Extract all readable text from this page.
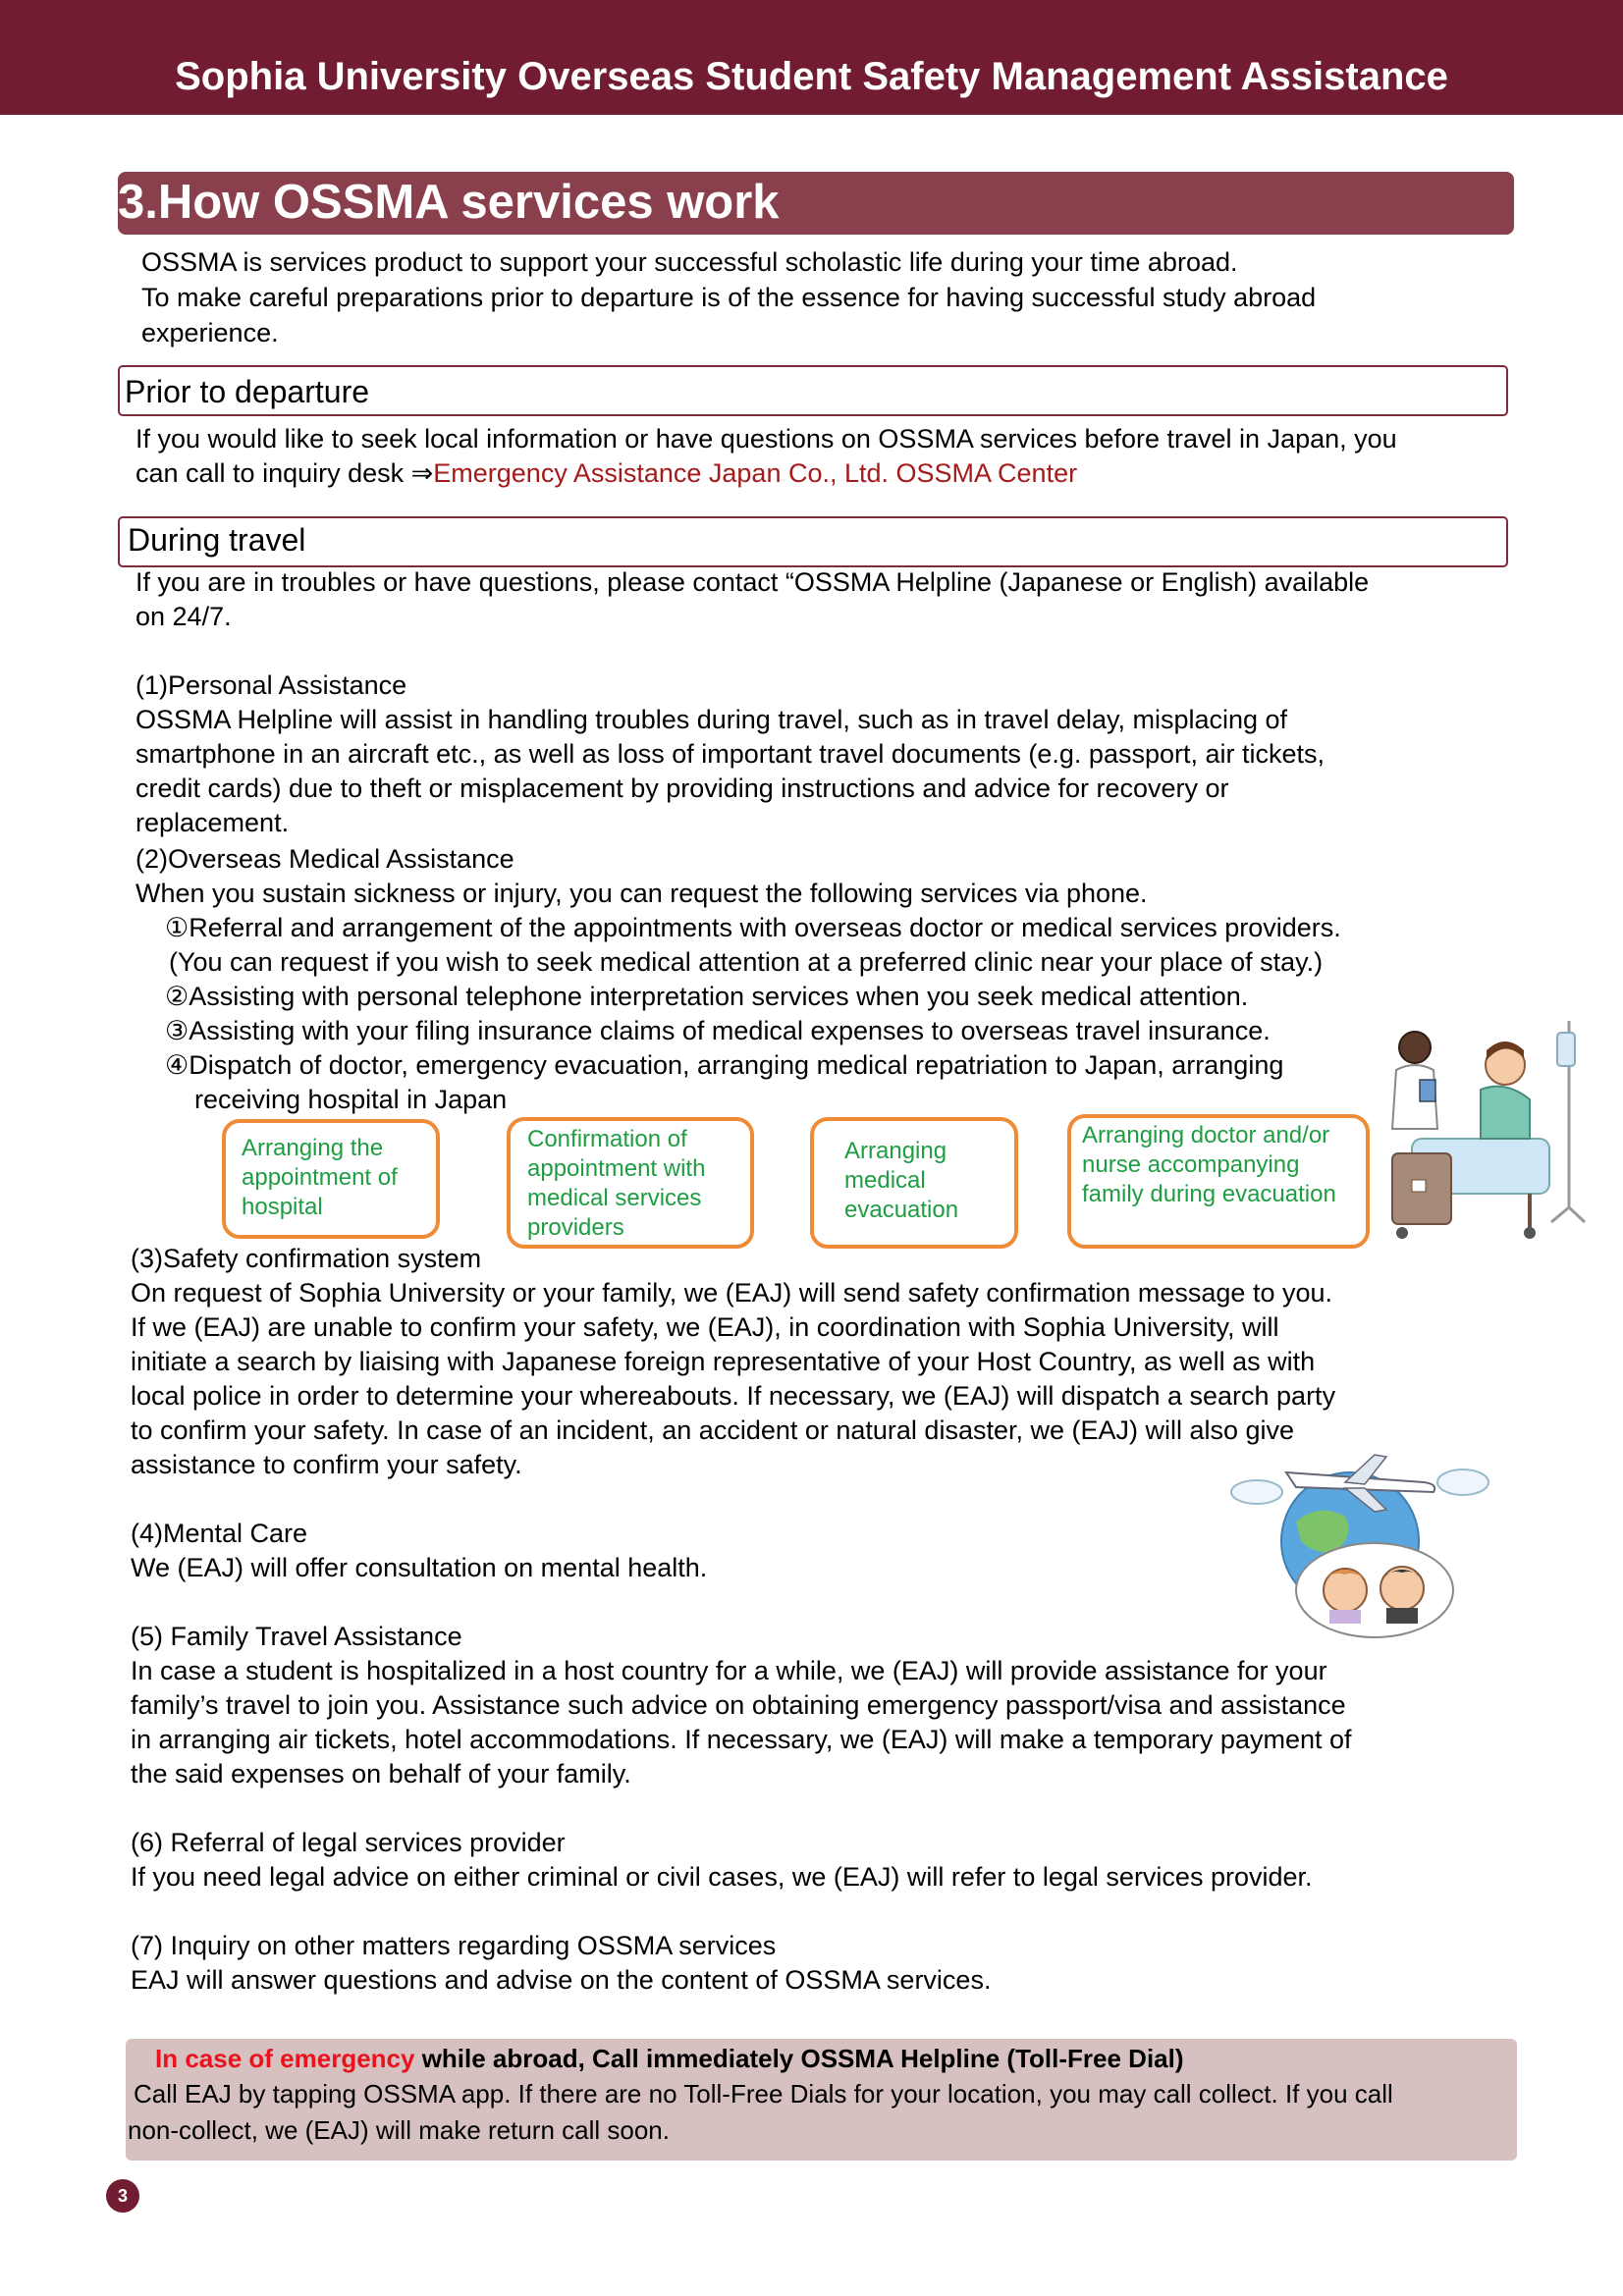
Sophia University Overseas Student Safety Management Assistance
3.How OSSMA services work
OSSMA is services product to support your successful scholastic life during your time abroad.
To make careful preparations prior to departure is of the essence for having successful study abroad
experience.
Prior to departure
If you would like to seek local information or have questions on OSSMA services before travel in Japan, you
can call to inquiry desk ⇒Emergency Assistance Japan Co., Ltd. OSSMA Center
During travel
If you are in troubles or have questions, please contact “OSSMA Helpline (Japanese or English) available
on 24/7.
(1)Personal Assistance
OSSMA Helpline will assist in handling troubles during travel, such as in travel delay, misplacing of
smartphone in an aircraft etc., as well as loss of important travel documents (e.g. passport, air tickets,
credit cards) due to theft or misplacement by providing instructions and advice for recovery or
replacement.
(2)Overseas Medical Assistance
When you sustain sickness or injury, you can request the following services via phone.
①Referral and arrangement of the appointments with overseas doctor or medical services providers.
(You can request if you wish to seek medical attention at a preferred clinic near your place of stay.)
②Assisting with personal telephone interpretation services when you seek medical attention.
③Assisting with your filing insurance claims of medical expenses to overseas travel insurance.
④Dispatch of doctor, emergency evacuation, arranging medical repatriation to Japan, arranging
receiving hospital in Japan
Arranging the appointment of hospital
Confirmation of appointment with medical services providers
Arranging medical evacuation
Arranging doctor and/or nurse accompanying family during evacuation
(3)Safety confirmation system
On request of Sophia University or your family, we (EAJ) will send safety confirmation message to you.
If we (EAJ) are unable to confirm your safety, we (EAJ), in coordination with Sophia University, will
initiate a search by liaising with Japanese foreign representative of your Host Country, as well as with
local police in order to determine your whereabouts. If necessary, we (EAJ) will dispatch a search party
to confirm your safety. In case of an incident, an accident or natural disaster, we (EAJ) will also give
assistance to confirm your safety.
(4)Mental Care
We (EAJ) will offer consultation on mental health.
(5) Family Travel Assistance
In case a student is hospitalized in a host country for a while, we (EAJ) will provide assistance for your
family’s travel to join you. Assistance such advice on obtaining emergency passport/visa and assistance
in arranging air tickets, hotel accommodations. If necessary, we (EAJ) will make a temporary payment of
the said expenses on behalf of your family.
(6) Referral of legal services provider
If you need legal advice on either criminal or civil cases, we (EAJ) will refer to legal services provider.
(7) Inquiry on other matters regarding OSSMA services
EAJ will answer questions and advise on the content of OSSMA services.
In case of emergency while abroad, Call immediately OSSMA Helpline (Toll-Free Dial)
Call EAJ by tapping OSSMA app. If there are no Toll-Free Dials for your location, you may call collect. If you call
non-collect, we (EAJ) will make return call soon.
3
